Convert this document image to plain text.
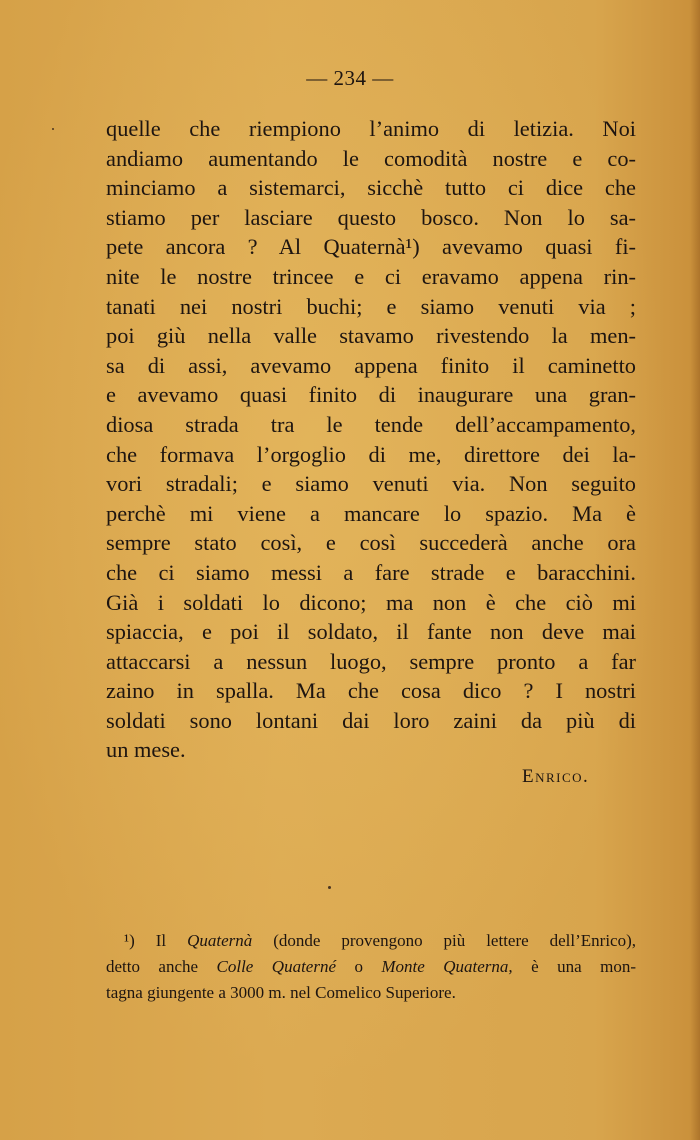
— 234 —
quelle che riempiono l’animo di letizia. Noi
andiamo aumentando le comodità nostre e co-
minciamo a sistemarci, sicchè tutto ci dice che
stiamo per lasciare questo bosco. Non lo sa-
pete ancora ? Al Quaternà¹) avevamo quasi fi-
nite le nostre trincee e ci eravamo appena rin-
tanati nei nostri buchi; e siamo venuti via ;
poi giù nella valle stavamo rivestendo la men-
sa di assi, avevamo appena finito il caminetto
e avevamo quasi finito di inaugurare una gran-
diosa strada tra le tende dell’accampamento,
che formava l’orgoglio di me, direttore dei la-
vori stradali; e siamo venuti via. Non seguito
perchè mi viene a mancare lo spazio. Ma è
sempre stato così, e così succederà anche ora
che ci siamo messi a fare strade e baracchini.
Già i soldati lo dicono; ma non è che ciò mi
spiaccia, e poi il soldato, il fante non deve mai
attaccarsi a nessun luogo, sempre pronto a far
zaino in spalla. Ma che cosa dico ? I nostri
soldati sono lontani dai loro zaini da più di
un mese.
Enrico.
¹) Il Quaternà (donde provengono più lettere dell’Enrico),
detto anche Colle Quaterné o Monte Quaterna, è una mon-
tagna giungente a 3000 m. nel Comelico Superiore.
